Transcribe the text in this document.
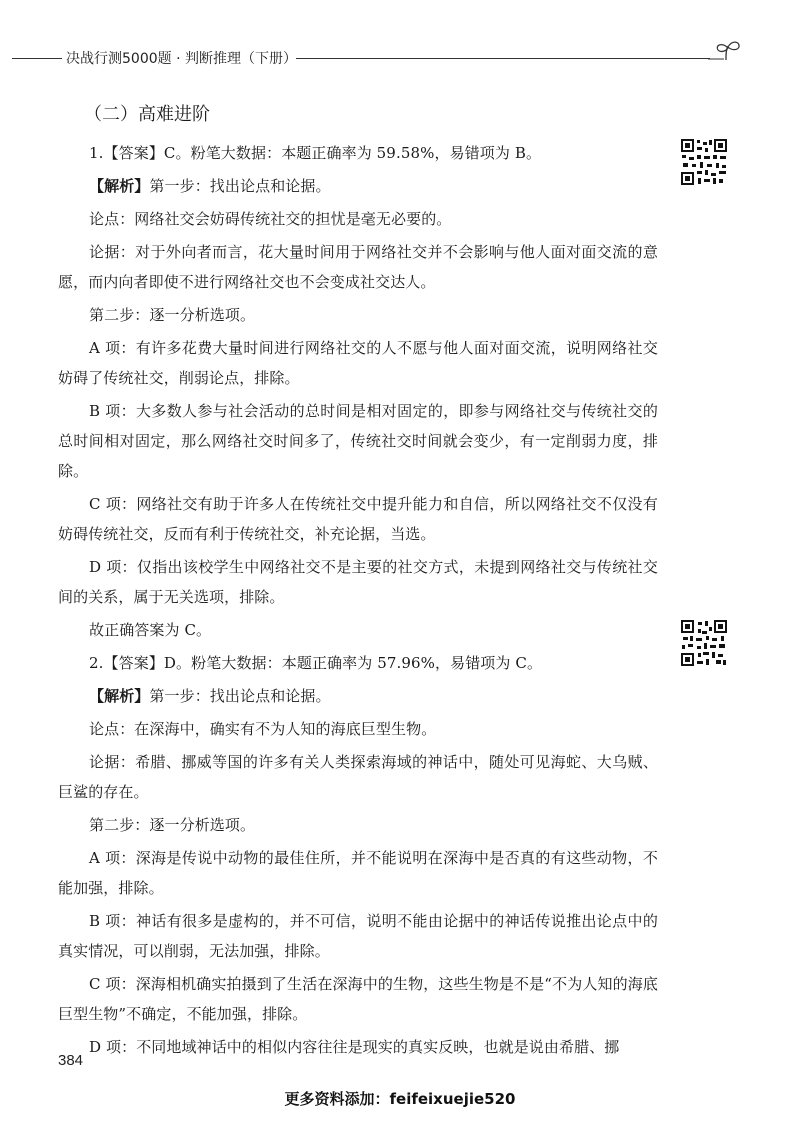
决战行测5000题 · 判断推理（下册）
（二）高难进阶

1.【答案】C。粉笔大数据：本题正确率为 59.58%，易错项为 B。

【解析】第一步：找出论点和论据。

论点：网络社交会妨碍传统社交的担忧是毫无必要的。

论据：对于外向者而言，花大量时间用于网络社交并不会影响与他人面对面交流的意愿，而内向者即使不进行网络社交也不会变成社交达人。

第二步：逐一分析选项。

A 项：有许多花费大量时间进行网络社交的人不愿与他人面对面交流，说明网络社交妨碍了传统社交，削弱论点，排除。

B 项：大多数人参与社会活动的总时间是相对固定的，即参与网络社交与传统社交的总时间相对固定，那么网络社交时间多了，传统社交时间就会变少，有一定削弱力度，排除。

C 项：网络社交有助于许多人在传统社交中提升能力和自信，所以网络社交不仅没有妨碍传统社交，反而有利于传统社交，补充论据，当选。

D 项：仅指出该校学生中网络社交不是主要的社交方式，未提到网络社交与传统社交间的关系，属于无关选项，排除。

故正确答案为 C。

2.【答案】D。粉笔大数据：本题正确率为 57.96%，易错项为 C。

【解析】第一步：找出论点和论据。

论点：在深海中，确实有不为人知的海底巨型生物。

论据：希腊、挪威等国的许多有关人类探索海域的神话中，随处可见海蛇、大乌贼、巨鲨的存在。

第二步：逐一分析选项。

A 项：深海是传说中动物的最佳住所，并不能说明在深海中是否真的有这些动物，不能加强，排除。

B 项：神话有很多是虚构的，并不可信，说明不能由论据中的神话传说推出论点中的真实情况，可以削弱，无法加强，排除。

C 项：深海相机确实拍摄到了生活在深海中的生物，这些生物是不是“不为人知的海底巨型生物”不确定，不能加强，排除。

D 项：不同地域神话中的相似内容往往是现实的真实反映，也就是说由希腊、挪

384
更多资料添加：feifeixuejie520
